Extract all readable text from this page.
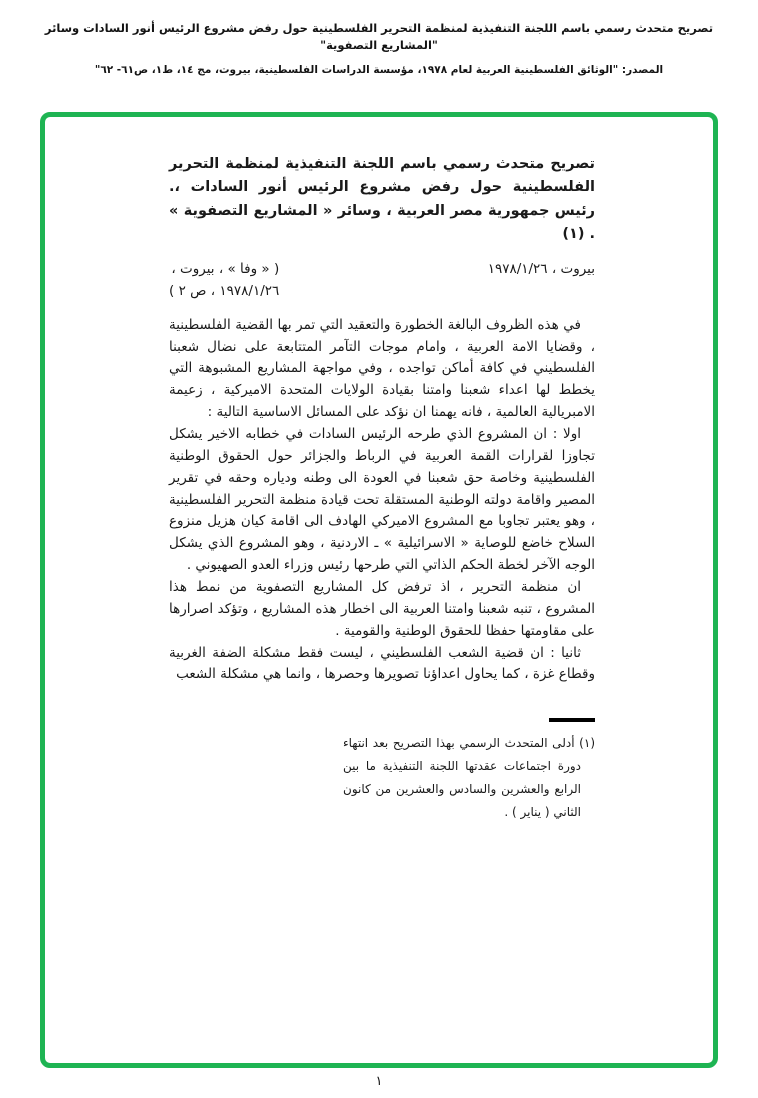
تصريح متحدث رسمي باسم اللجنة التنفيذية لمنظمة التحرير الفلسطينية حول رفض مشروع الرئيس أنور السادات وسائر "المشاريع التصفوية"
المصدر: "الوثائق الفلسطينية العربية لعام ١٩٧٨، مؤسسة الدراسات الفلسطينية، بيروت، مج ١٤، ط١، ص٦١- ٦٢"
تصريح متحدث رسمي باسم اللجنة التنفيذية لمنظمة التحرير الفلسطينية حول رفض مشروع الرئيس أنور السادات ،. رئيس جمهورية مصر العربية ، وسائر « المشاريع التصفوية » . (١)
بيروت ، ١٩٧٨/١/٢٦
( « وفا » ، بيروت ،
١٩٧٨/١/٢٦ ، ص ٢ )

في هذه الظروف البالغة الخطورة والتعقيد التي تمر بها القضية الفلسطينية ، وقضايا الامة العربية ، وامام موجات التآمر المتتابعة على نضال شعبنا الفلسطيني في كافة أماكن تواجده ، وفي مواجهة المشاريع المشبوهة التي يخطط لها اعداء شعبنا وامتنا بقيادة الولايات المتحدة الاميركية ، زعيمة الامبريالية العالمية ، فانه يهمنا ان نؤكد على المسائل الاساسية التالية :

اولا : ان المشروع الذي طرحه الرئيس السادات في خطابه الاخير يشكل تجاوزا لقرارات القمة العربية في الرباط والجزائر حول الحقوق الوطنية الفلسطينية وخاصة حق شعبنا في العودة الى وطنه ودياره وحقه في تقرير المصير واقامة دولته الوطنية المستقلة تحت قيادة منظمة التحرير الفلسطينية ، وهو يعتبر تجاوبا مع المشروع الاميركي الهادف الى اقامة كيان هزيل منزوع السلاح خاضع للوصاية « الاسرائيلية » ـ الاردنية ، وهو المشروع الذي يشكل الوجه الآخر لخطة الحكم الذاتي التي طرحها رئيس وزراء العدو الصهيوني .

ان منظمة التحرير ، اذ ترفض كل المشاريع التصفوية من نمط هذا المشروع ، تنبه شعبنا وامتنا العربية الى اخطار هذه المشاريع ، وتؤكد اصرارها على مقاومتها حفظا للحقوق الوطنية والقومية .

ثانيا : ان قضية الشعب الفلسطيني ، ليست فقط مشكلة الضفة الغربية وقطاع غزة ، كما يحاول اعداؤنا تصويرها وحصرها ، وانما هي مشكلة الشعب

(١) أدلى المتحدث الرسمي بهذا التصريح بعد انتهاء دورة اجتماعات عقدتها اللجنة التنفيذية ما بين الرابع والعشرين والسادس والعشرين من كانون الثاني ( يناير ) .
١
